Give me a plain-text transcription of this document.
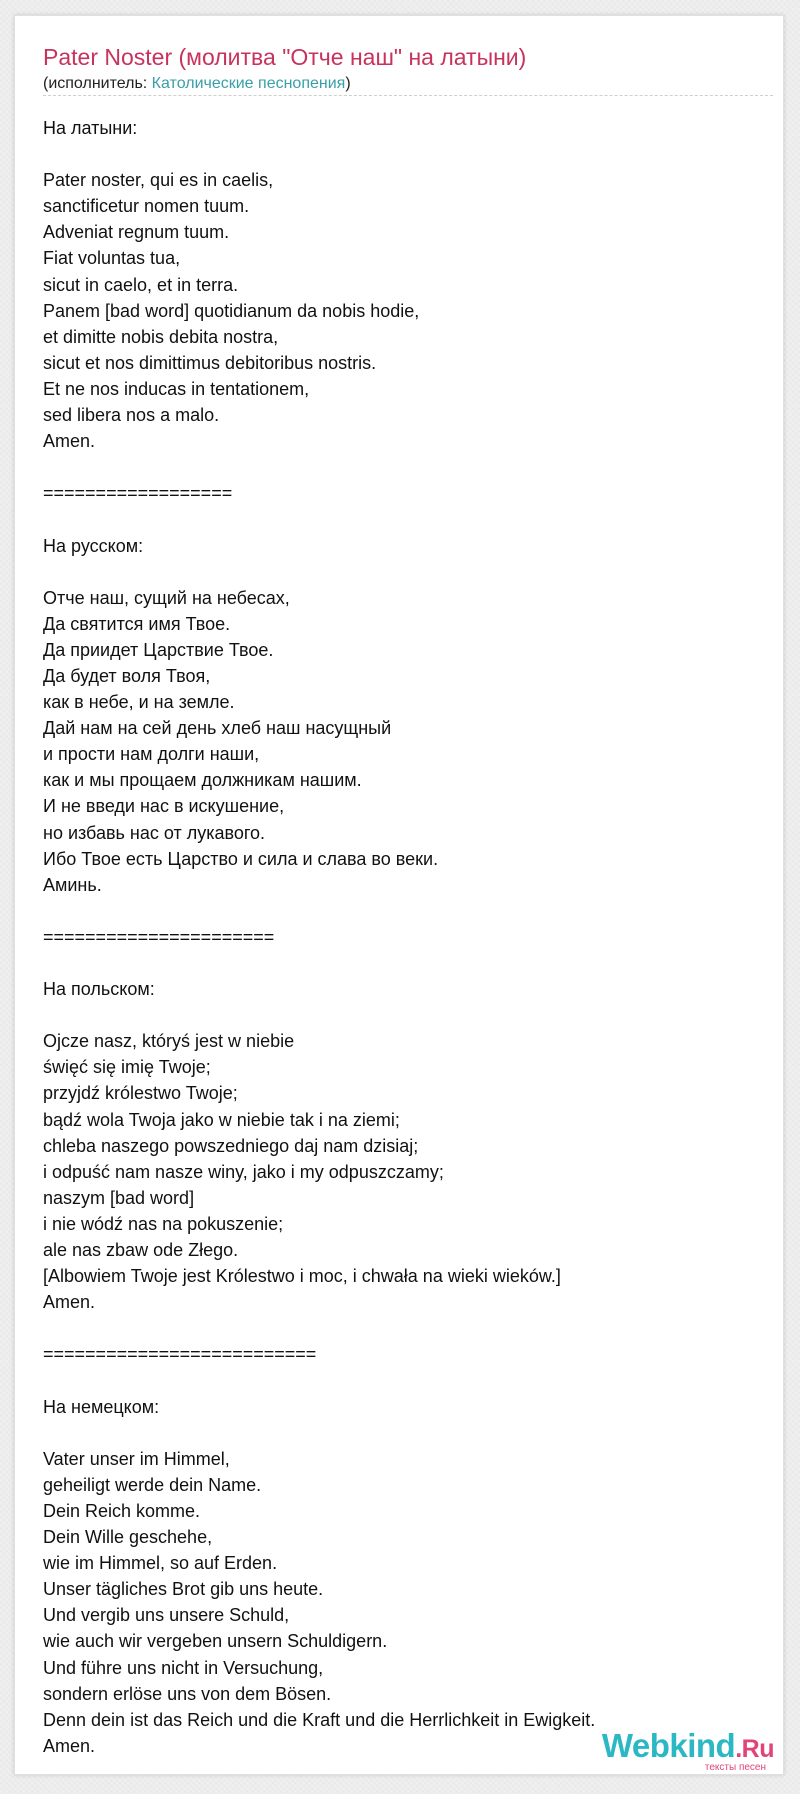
Pater Noster (молитва "Отче наш" на латыни)
(исполнитель: Католические песнопения)
На латыни:
Pater noster, qui es in caelis,
sanctificetur nomen tuum.
Adveniat regnum tuum.
Fiat voluntas tua,
sicut in caelo, et in terra.
Panem [bad word] quotidianum da nobis hodie,
et dimitte nobis debita nostra,
sicut et nos dimittimus debitoribus nostris.
Et ne nos inducas in tentationem,
sed libera nos a malo.
Amen.
==================
На русском:
Отче наш, сущий на небесах,
Да святится имя Твое.
Да приидет Царствие Твое.
Да будет воля Твоя,
как в небе, и на земле.
Дай нам на сей день хлеб наш насущный
и прости нам долги наши,
как и мы прощаем должникам нашим.
И не введи нас в искушение,
но избавь нас от лукавого.
Ибо Твое есть Царство и сила и слава во веки.
Аминь.
======================
На польском:
Ojcze nasz, któryś jest w niebie
święć się imię Twoje;
przyjdź królestwo Twoje;
bądź wola Twoja jako w niebie tak i na ziemi;
chleba naszego powszedniego daj nam dzisiaj;
i odpuść nam nasze winy, jako i my odpuszczamy;
naszym [bad word]
i nie wódź nas na pokuszenie;
ale nas zbaw ode Złego.
[Albowiem Twoje jest Królestwo i moc, i chwała na wieki wieków.]
Amen.
==========================
На немецком:
Vater unser im Himmel,
geheiligt werde dein Name.
Dein Reich komme.
Dein Wille geschehe,
wie im Himmel, so auf Erden.
Unser tägliches Brot gib uns heute.
Und vergib uns unsere Schuld,
wie auch wir vergeben unsern Schuldigern.
Und führe uns nicht in Versuchung,
sondern erlöse uns von dem Bösen.
Denn dein ist das Reich und die Kraft und die Herrlichkeit in Ewigkeit.
Amen.	Webkind.Ru
тексты песен
